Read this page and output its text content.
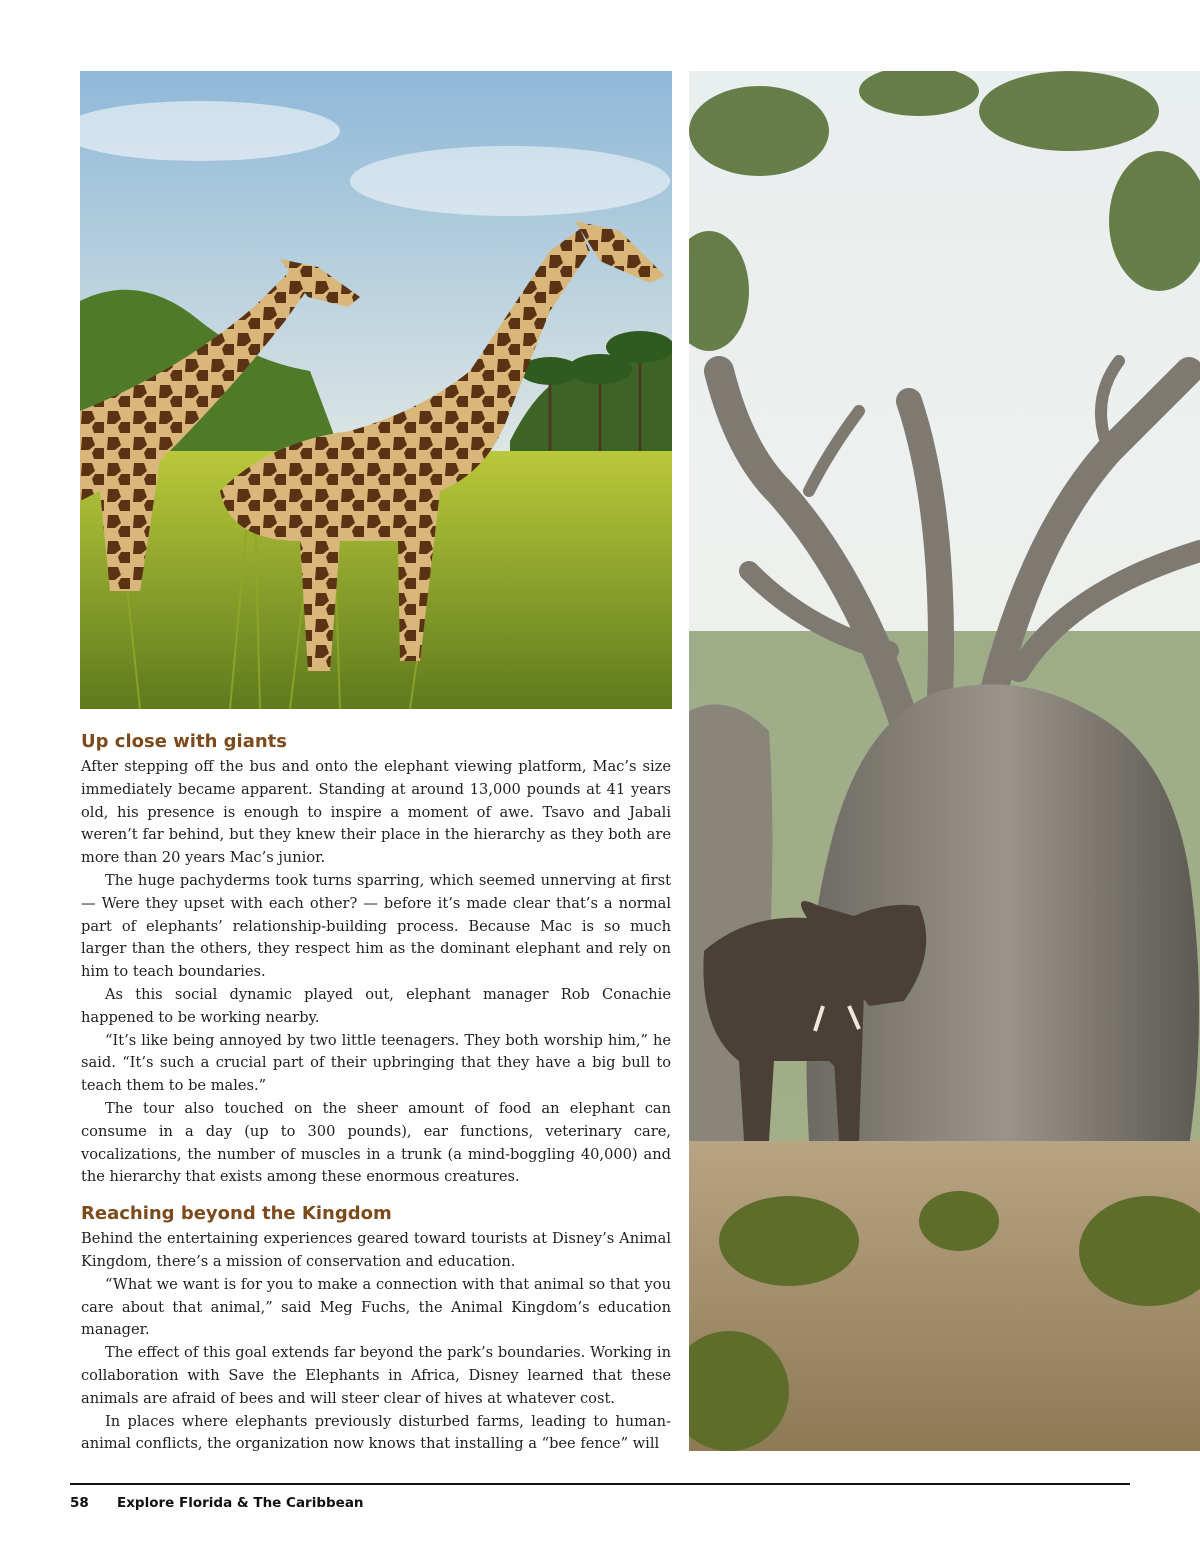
Up close with giants

After stepping off the bus and onto the elephant viewing platform, Mac’s size immediately became apparent. Standing at around 13,000 pounds at 41 years old, his presence is enough to inspire a moment of awe. Tsavo and Jabali weren’t far behind, but they knew their place in the hierarchy as they both are more than 20 years Mac’s junior.

The huge pachyderms took turns sparring, which seemed unnerving at first — Were they upset with each other? — before it’s made clear that’s a normal part of elephants’ relationship-building process. Because Mac is so much larger than the others, they respect him as the dominant elephant and rely on him to teach boundaries.

As this social dynamic played out, elephant manager Rob Conachie happened to be working nearby.

“It’s like being annoyed by two little teenagers. They both worship him,” he said. “It’s such a crucial part of their upbringing that they have a big bull to teach them to be males.”

The tour also touched on the sheer amount of food an elephant can consume in a day (up to 300 pounds), ear functions, veterinary care, vocalizations, the number of muscles in a trunk (a mind-boggling 40,000) and the hierarchy that exists among these enormous creatures.

Reaching beyond the Kingdom

Behind the entertaining experiences geared toward tourists at Disney’s Animal Kingdom, there’s a mission of conservation and education.

“What we want is for you to make a connection with that animal so that you care about that animal,” said Meg Fuchs, the Animal Kingdom’s education manager.

The effect of this goal extends far beyond the park’s boundaries. Working in collaboration with Save the Elephants in Africa, Disney learned that these animals are afraid of bees and will steer clear of hives at whatever cost.

In places where elephants previously disturbed farms, leading to human-animal conflicts, the organization now knows that installing a “bee fence” will

58 Explore Florida & The Caribbean
